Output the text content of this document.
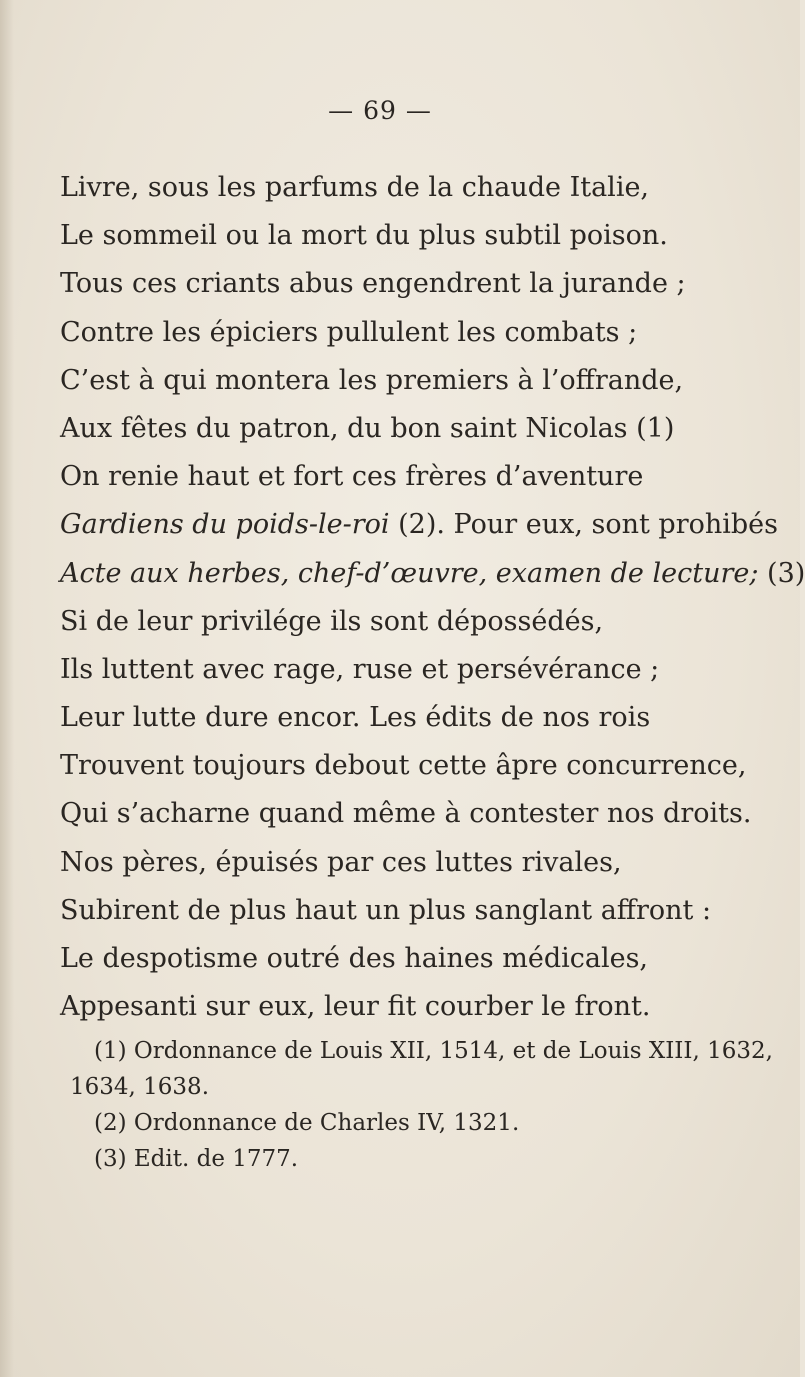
— 69 —
Livre, sous les parfums de la chaude Italie,
Le sommeil ou la mort du plus subtil poison.
Tous ces criants abus engendrent la jurande ;
Contre les épiciers pullulent les combats ;
C’est à qui montera les premiers à l’offrande,
Aux fêtes du patron, du bon saint Nicolas (1)
On renie haut et fort ces frères d’aventure
Gardiens du poids-le-roi (2). Pour eux, sont prohibés
Acte aux herbes, chef-d’œuvre, examen de lecture; (3)
Si de leur privilége ils sont dépossédés,
Ils luttent avec rage, ruse et persévérance ;
Leur lutte dure encor. Les édits de nos rois
Trouvent toujours debout cette âpre concurrence,
Qui s’acharne quand même à contester nos droits.
Nos pères, épuisés par ces luttes rivales,
Subirent de plus haut un plus sanglant affront :
Le despotisme outré des haines médicales,
Appesanti sur eux, leur fit courber le front.
(1) Ordonnance de Louis XII, 1514, et de Louis XIII, 1632,
1634, 1638.
(2) Ordonnance de Charles IV, 1321.
(3) Edit. de 1777.
